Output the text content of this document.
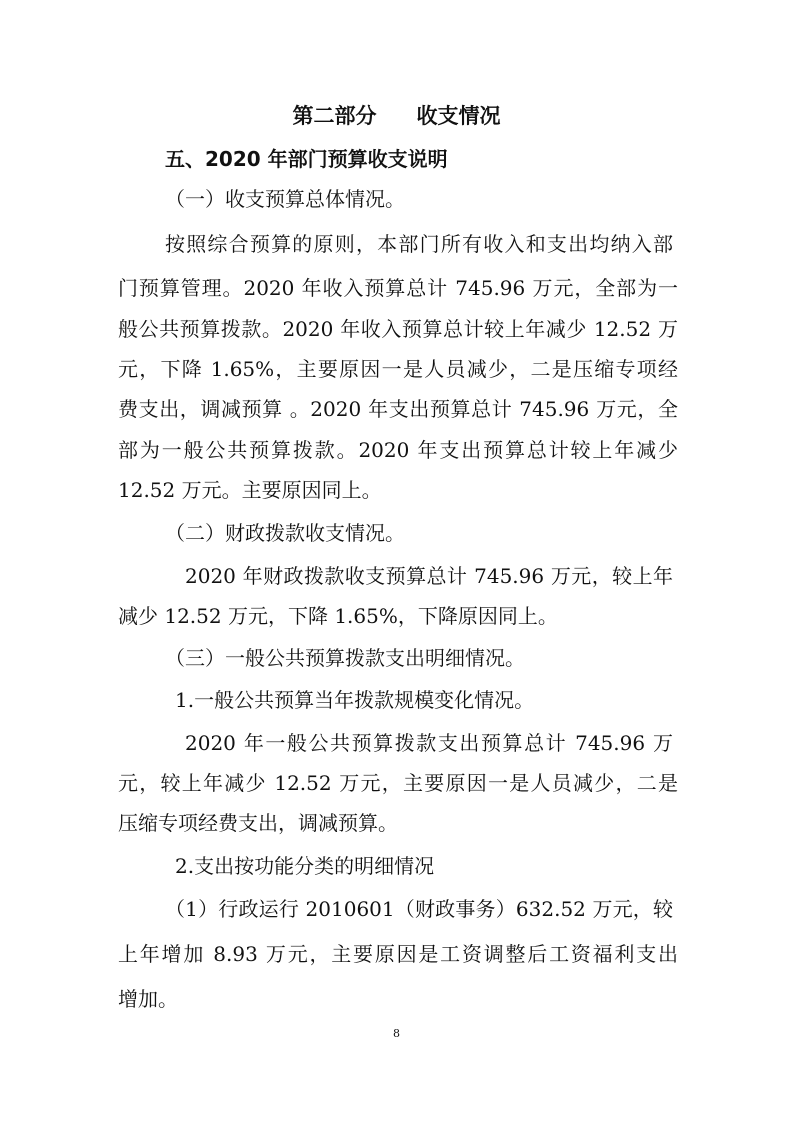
第二部分 收支情况
五、2020 年部门预算收支说明
（一）收支预算总体情况。
按照综合预算的原则，本部门所有收入和支出均纳入部
门预算管理。2020 年收入预算总计 745.96 万元，全部为一
般公共预算拨款。2020 年收入预算总计较上年减少 12.52 万
元，下降 1.65%，主要原因一是人员减少，二是压缩专项经
费支出，调减预算 。2020 年支出预算总计 745.96 万元，全
部为一般公共预算拨款。2020 年支出预算总计较上年减少
12.52 万元。主要原因同上。
（二）财政拨款收支情况。
2020 年财政拨款收支预算总计 745.96 万元，较上年
减少 12.52 万元，下降 1.65%，下降原因同上。
（三）一般公共预算拨款支出明细情况。
1.一般公共预算当年拨款规模变化情况。
2020 年一般公共预算拨款支出预算总计 745.96 万
元，较上年减少 12.52 万元，主要原因一是人员减少，二是
压缩专项经费支出，调减预算。
2.支出按功能分类的明细情况
（1）行政运行 2010601（财政事务）632.52 万元，较
上年增加 8.93 万元，主要原因是工资调整后工资福利支出
8
增加。
